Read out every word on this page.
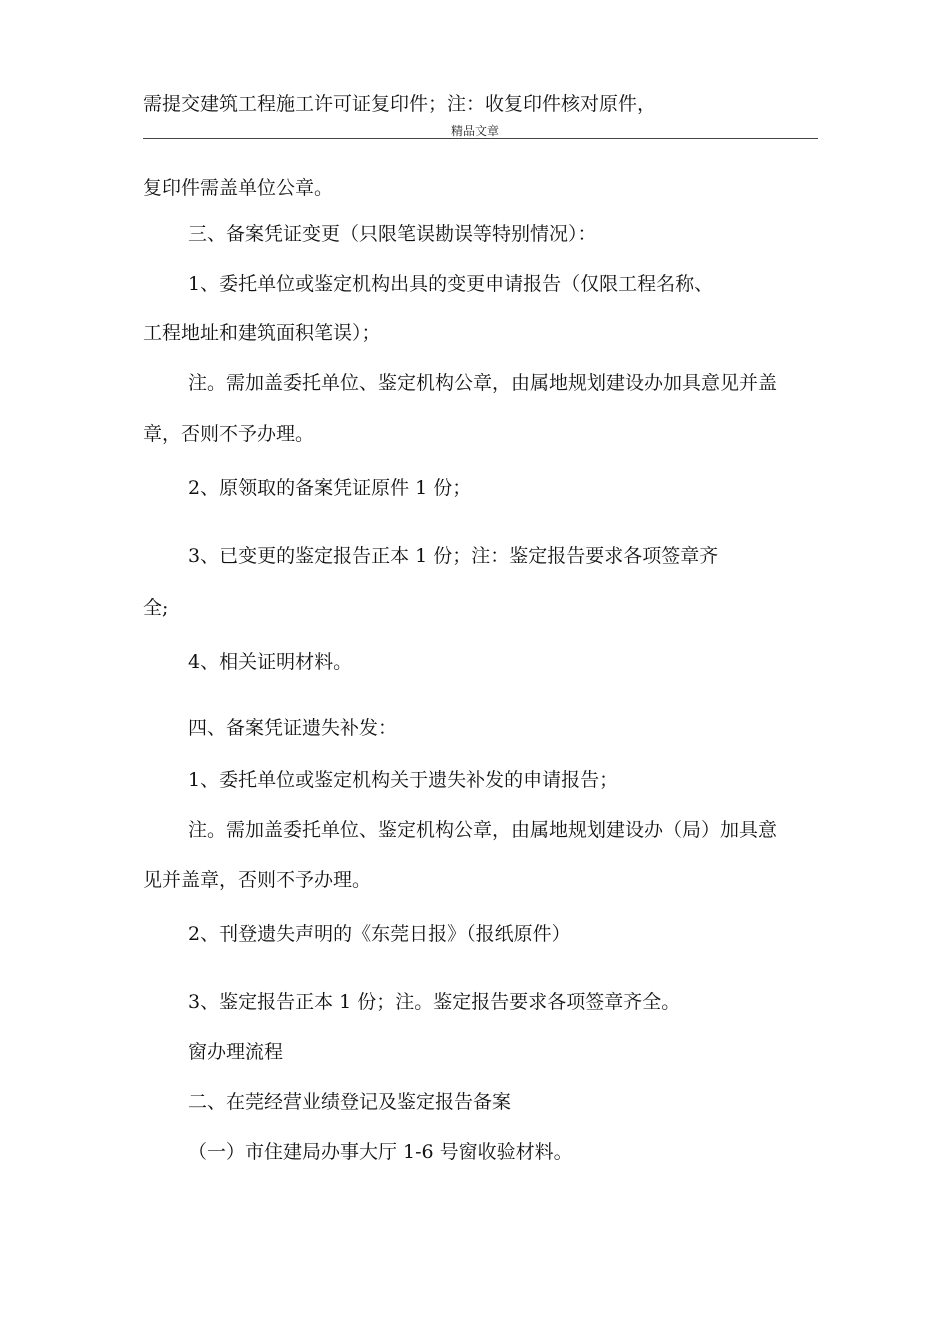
需提交建筑工程施工许可证复印件；注：收复印件核对原件，
精品文章
复印件需盖单位公章。
三、备案凭证变更（只限笔误勘误等特别情况）：
1、委托单位或鉴定机构出具的变更申请报告（仅限工程名称、
工程地址和建筑面积笔误）；
注。需加盖委托单位、鉴定机构公章，由属地规划建设办加具意见并盖
章，否则不予办理。
2、原领取的备案凭证原件 1 份；
3、已变更的鉴定报告正本 1 份；注：鉴定报告要求各项签章齐
全;
4、相关证明材料。
四、备案凭证遗失补发：
1、委托单位或鉴定机构关于遗失补发的申请报告；
注。需加盖委托单位、鉴定机构公章，由属地规划建设办（局）加具意
见并盖章，否则不予办理。
2、刊登遗失声明的《东莞日报》（报纸原件）
3、鉴定报告正本 1 份；注。鉴定报告要求各项签章齐全。
窗办理流程
二、在莞经营业绩登记及鉴定报告备案
（一）市住建局办事大厅 1-6 号窗收验材料。
